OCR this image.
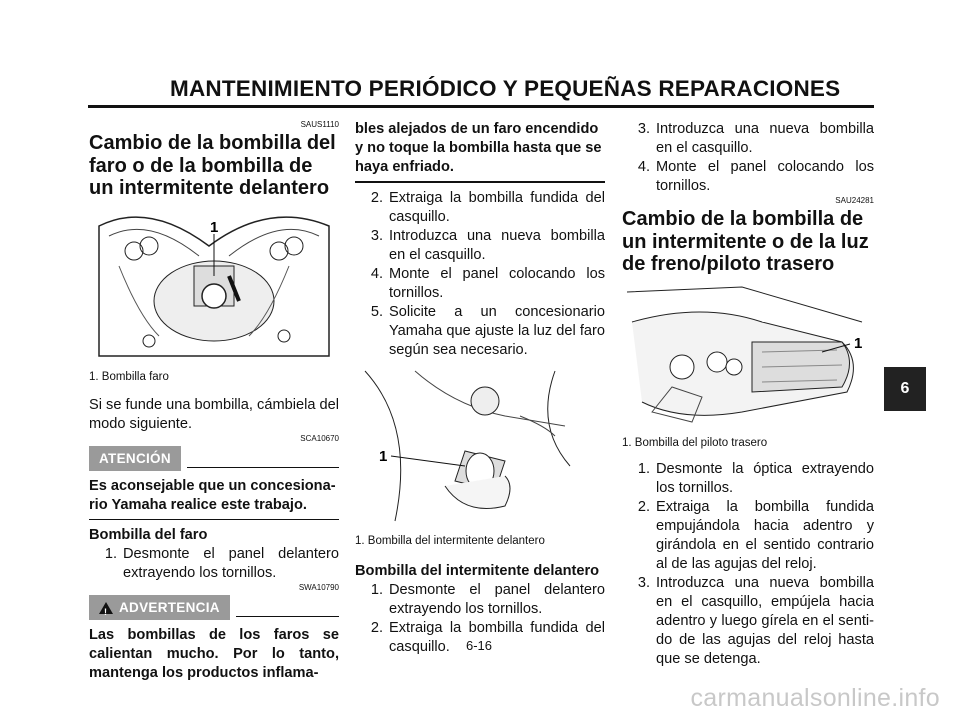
MANTENIMIENTO PERIÓDICO Y PEQUEÑAS REPARACIONES
6
SAUS1110
Cambio de la bombilla del faro o de la bombilla de un intermitente delantero
1
1. Bombilla faro

Si se funde una bombilla, cámbiela del modo siguiente.

SCA10670
ATENCIÓN

Es aconsejable que un concesiona-rio Yamaha realice este trabajo.

Bombilla del faro

1. Desmonte el panel delantero extrayendo los tornillos.
SWA10790
! ADVERTENCIA

Las bombillas de los faros se calientan mucho. Por lo tanto, mantenga los productos inflama-

bles alejados de un faro encendido y no toque la bombilla hasta que se haya enfriado.

2. Extraiga la bombilla fundida del casquillo.
3. Introduzca una nueva bombilla en el casquillo.
4. Monte el panel colocando los tornillos.
5. Solicite a un concesionario Yamaha que ajuste la luz del faro según sea necesario.
1
1. Bombilla del intermitente delantero

Bombilla del intermitente delantero

1. Desmonte el panel delantero extrayendo los tornillos.
2. Extraiga la bombilla fundida del casquillo.
3. Introduzca una nueva bombilla en el casquillo.
4. Monte el panel colocando los tornillos.
SAU24281
Cambio de la bombilla de un intermitente o de la luz de freno/piloto trasero
1
1. Bombilla del piloto trasero
1. Desmonte la óptica extrayendo los tornillos.
2. Extraiga la bombilla fundida empujándola hacia adentro y girándola en el sentido contrario al de las agujas del reloj.
3. Introduzca una nueva bombilla en el casquillo, empújela hacia adentro y luego gírela en el senti-do de las agujas del reloj hasta que se detenga.
6-16
carmanualsonline.info
